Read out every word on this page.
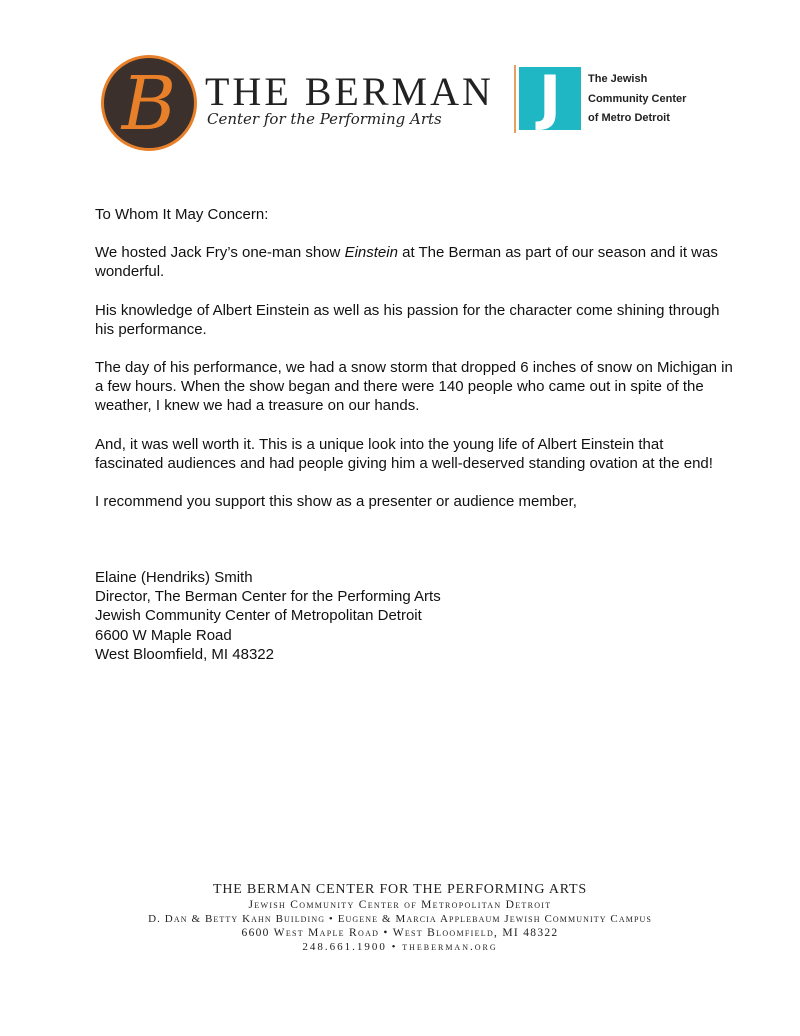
B THE BERMAN
Center for the Performing Arts	J	The Jewish
Community Center
of Metro Detroit

To Whom It May Concern:

We hosted Jack Fry’s one-man show Einstein at The Berman as part of our season and it was wonderful.

His knowledge of Albert Einstein as well as his passion for the character come shining through his performance.

The day of his performance, we had a snow storm that dropped 6 inches of snow on Michigan in a few hours. When the show began and there were 140 people who came out in spite of the weather, I knew we had a treasure on our hands.

And, it was well worth it. This is a unique look into the young life of Albert Einstein that fascinated audiences and had people giving him a well-deserved standing ovation at the end!

I recommend you support this show as a presenter or audience member,

Elaine (Hendriks) Smith
Director, The Berman Center for the Performing Arts
Jewish Community Center of Metropolitan Detroit
6600 W Maple Road
West Bloomfield, MI 48322
THE BERMAN CENTER FOR THE PERFORMING ARTS
Jewish Community Center of Metropolitan Detroit
D. Dan & Betty Kahn Building • Eugene & Marcia Applebaum Jewish Community Campus
6600 West Maple Road • West Bloomfield, MI 48322
248.661.1900 • theberman.org
